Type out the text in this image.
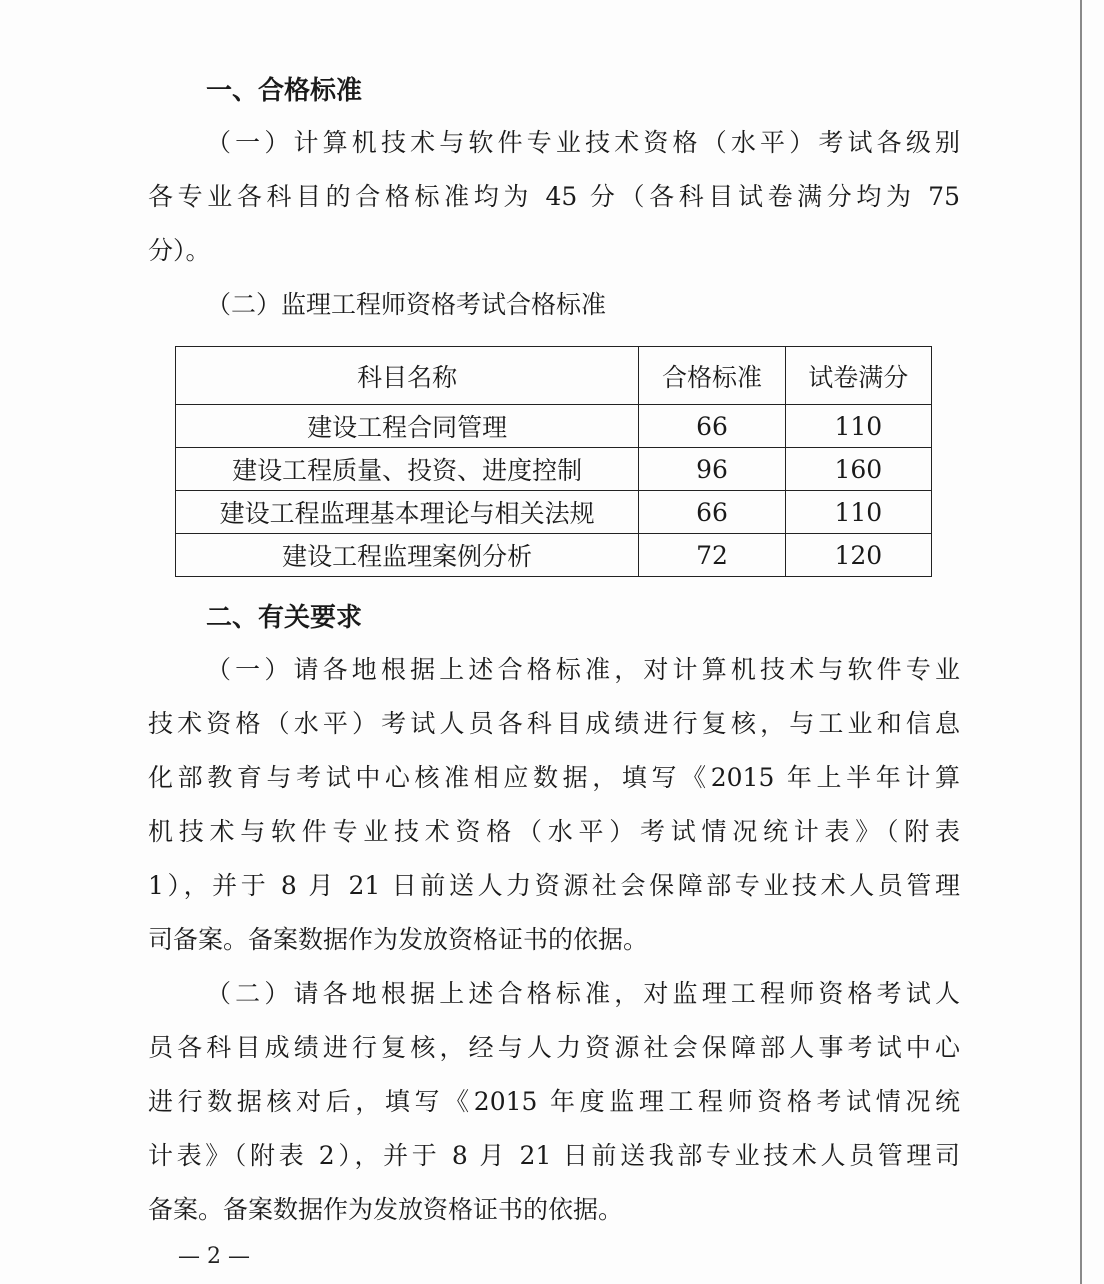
一、合格标准
（一）计算机技术与软件专业技术资格（水平）考试各级别
各专业各科目的合格标准均为 45 分（各科目试卷满分均为 75
分）。
（二）监理工程师资格考试合格标准
科目名称	合格标准	试卷满分
建设工程合同管理	66	110
建设工程质量、投资、进度控制	96	160
建设工程监理基本理论与相关法规	66	110
建设工程监理案例分析	72	120
二、有关要求
（一）请各地根据上述合格标准，对计算机技术与软件专业
技术资格（水平）考试人员各科目成绩进行复核，与工业和信息
化部教育与考试中心核准相应数据，填写《2015 年上半年计算
机技术与软件专业技术资格（水平）考试情况统计表》（附表
1），并于 8 月 21 日前送人力资源社会保障部专业技术人员管理
司备案。备案数据作为发放资格证书的依据。
（二）请各地根据上述合格标准，对监理工程师资格考试人
员各科目成绩进行复核，经与人力资源社会保障部人事考试中心
进行数据核对后，填写《2015 年度监理工程师资格考试情况统
计表》（附表 2），并于 8 月 21 日前送我部专业技术人员管理司
备案。备案数据作为发放资格证书的依据。
— 2 —
